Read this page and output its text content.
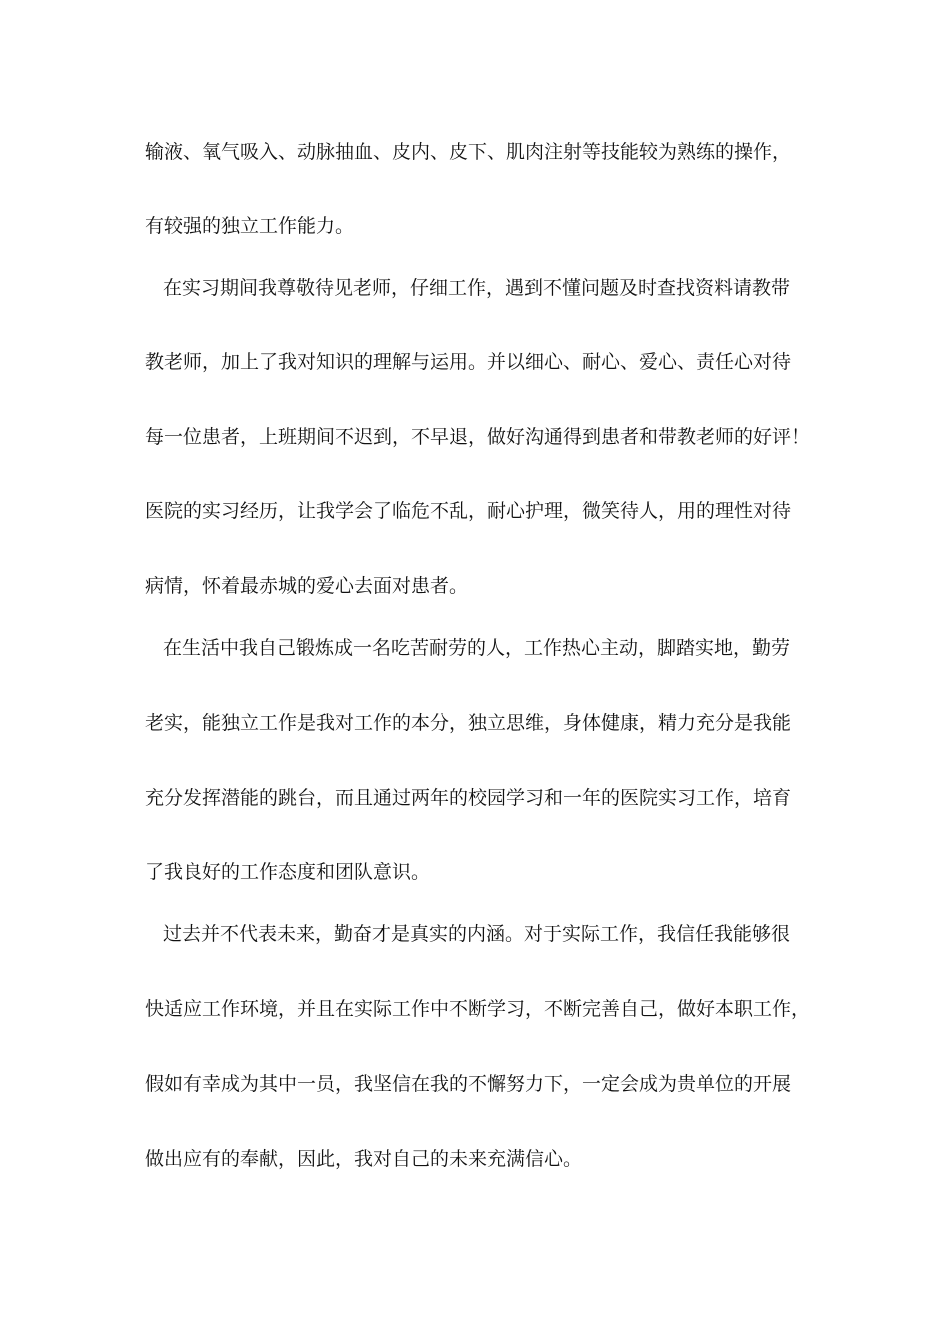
输液、氧气吸入、动脉抽血、皮内、皮下、肌肉注射等技能较为熟练的操作，
有较强的独立工作能力。
在实习期间我尊敬待见老师，仔细工作，遇到不懂问题及时查找资料请教带
教老师，加上了我对知识的理解与运用。并以细心、耐心、爱心、责任心对待
每一位患者，上班期间不迟到，不早退，做好沟通得到患者和带教老师的好评！
医院的实习经历，让我学会了临危不乱，耐心护理，微笑待人，用的理性对待
病情，怀着最赤城的爱心去面对患者。
在生活中我自己锻炼成一名吃苦耐劳的人，工作热心主动，脚踏实地，勤劳
老实，能独立工作是我对工作的本分，独立思维，身体健康，精力充分是我能
充分发挥潜能的跳台，而且通过两年的校园学习和一年的医院实习工作，培育
了我良好的工作态度和团队意识。
过去并不代表未来，勤奋才是真实的内涵。对于实际工作，我信任我能够很
快适应工作环境，并且在实际工作中不断学习，不断完善自己，做好本职工作，
假如有幸成为其中一员，我坚信在我的不懈努力下，一定会成为贵单位的开展
做出应有的奉献，因此，我对自己的未来充满信心。
